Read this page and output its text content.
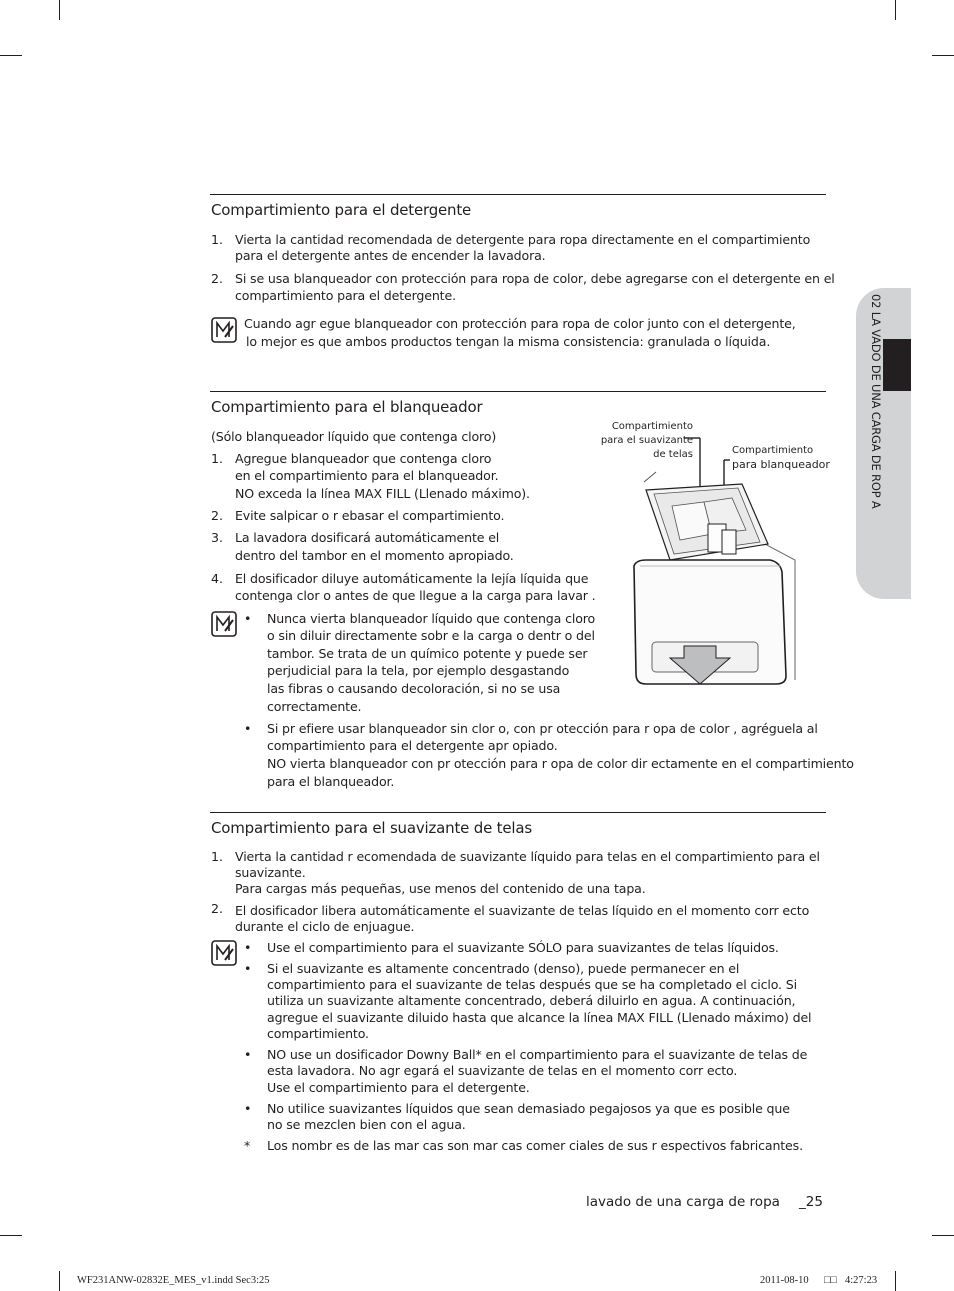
02 LA VADO DE UNA CARGA DE ROP A
Compartimiento para el detergente
1. Vierta la cantidad recomendada de detergente para ropa directamente en el compartimiento
para el detergente antes de encender la lavadora.
2. Si se usa blanqueador con protección para ropa de color, debe agregarse con el detergente en el
compartimiento para el detergente.
Cuando agr egue blanqueador con protección para ropa de color junto con el detergente,
lo mejor es que ambos productos tengan la misma consistencia: granulada o líquida.
Compartimiento para el blanqueador
(Sólo blanqueador líquido que contenga cloro)
1. Agregue blanqueador que contenga cloro
en el compartimiento para el blanqueador.
NO exceda la línea MAX FILL (Llenado máximo).
2. Evite salpicar o r ebasar el compartimiento.
3. La lavadora dosificará automáticamente el
dentro del tambor en el momento apropiado.
4. El dosificador diluye automáticamente la lejía líquida que
contenga clor o antes de que llegue a la carga para lavar .
• Nunca vierta blanqueador líquido que contenga cloro
o sin diluir directamente sobr e la carga o dentr o del
tambor. Se trata de un químico potente y puede ser
perjudicial para la tela, por ejemplo desgastando
las fibras o causando decoloración, si no se usa
correctamente.
• Si pr efiere usar blanqueador sin clor o, con pr otección para r opa de color , agréguela al
compartimiento para el detergente apr opiado.
NO vierta blanqueador con pr otección para r opa de color dir ectamente en el compartimiento
para el blanqueador.
Compartimiento
para el suavizante
de telas	Compartimiento
para blanqueador
Compartimiento para el suavizante de telas
1. Vierta la cantidad r ecomendada de suavizante líquido para telas en el compartimiento para el
suavizante.
Para cargas más pequeñas, use menos del contenido de una tapa.
2. El dosificador libera automáticamente el suavizante de telas líquido en el momento corr ecto
durante el ciclo de enjuague.
• Use el compartimiento para el suavizante SÓLO para suavizantes de telas líquidos.
• Si el suavizante es altamente concentrado (denso), puede permanecer en el
compartimiento para el suavizante de telas después que se ha completado el ciclo. Si
utiliza un suavizante altamente concentrado, deberá diluirlo en agua. A continuación,
agregue el suavizante diluido hasta que alcance la línea MAX FILL (Llenado máximo) del
compartimiento.
• NO use un dosificador Downy Ball* en el compartimiento para el suavizante de telas de
esta lavadora. No agr egará el suavizante de telas en el momento corr ecto.
Use el compartimiento para el detergente.
• No utilice suavizantes líquidos que sean demasiado pegajosos ya que es posible que
no se mezclen bien con el agua.
* Los nombr es de las mar cas son mar cas comer ciales de sus r espectivos fabricantes.
lavado de una carga de ropa _25
WF231ANW-02832E_MES_v1.indd Sec3:25	2011-08-10 □□ 4:27:23
